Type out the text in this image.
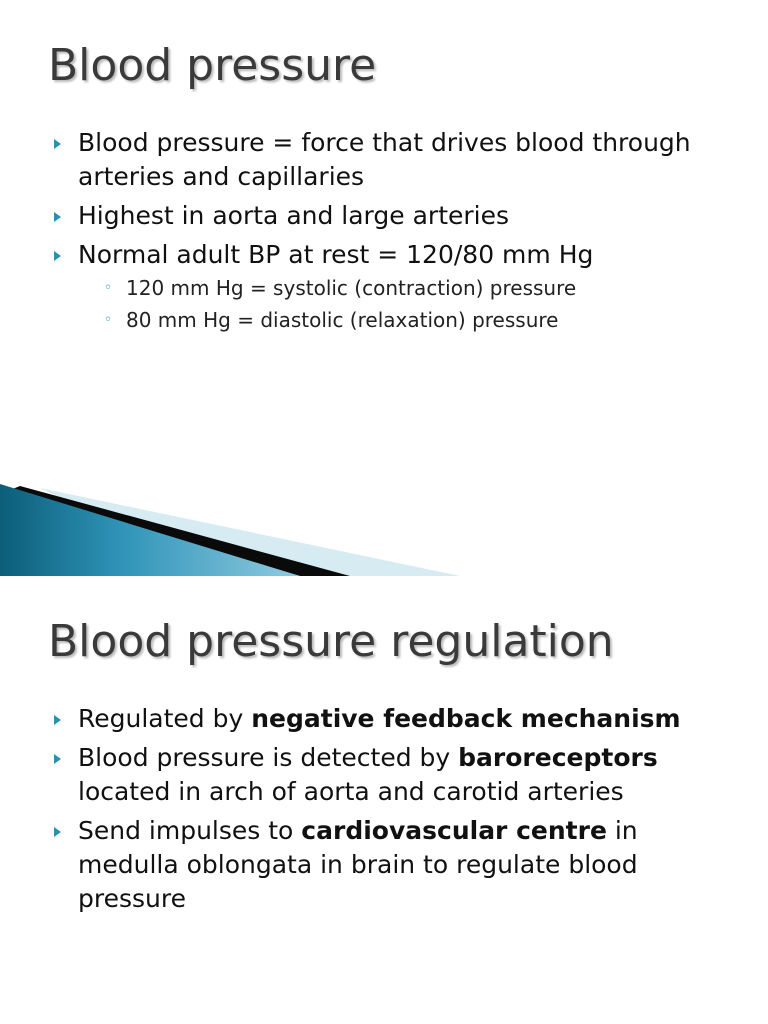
Blood pressure
Blood pressure = force that drives blood through arteries and capillaries
Highest in aorta and large arteries
Normal adult BP at rest = 120/80 mm Hg
◦ 120 mm Hg = systolic (contraction) pressure
◦ 80 mm Hg = diastolic (relaxation) pressure
Blood pressure regulation
Regulated by negative feedback mechanism
Blood pressure is detected by baroreceptors located in arch of aorta and carotid arteries
Send impulses to cardiovascular centre in medulla oblongata in brain to regulate blood pressure
